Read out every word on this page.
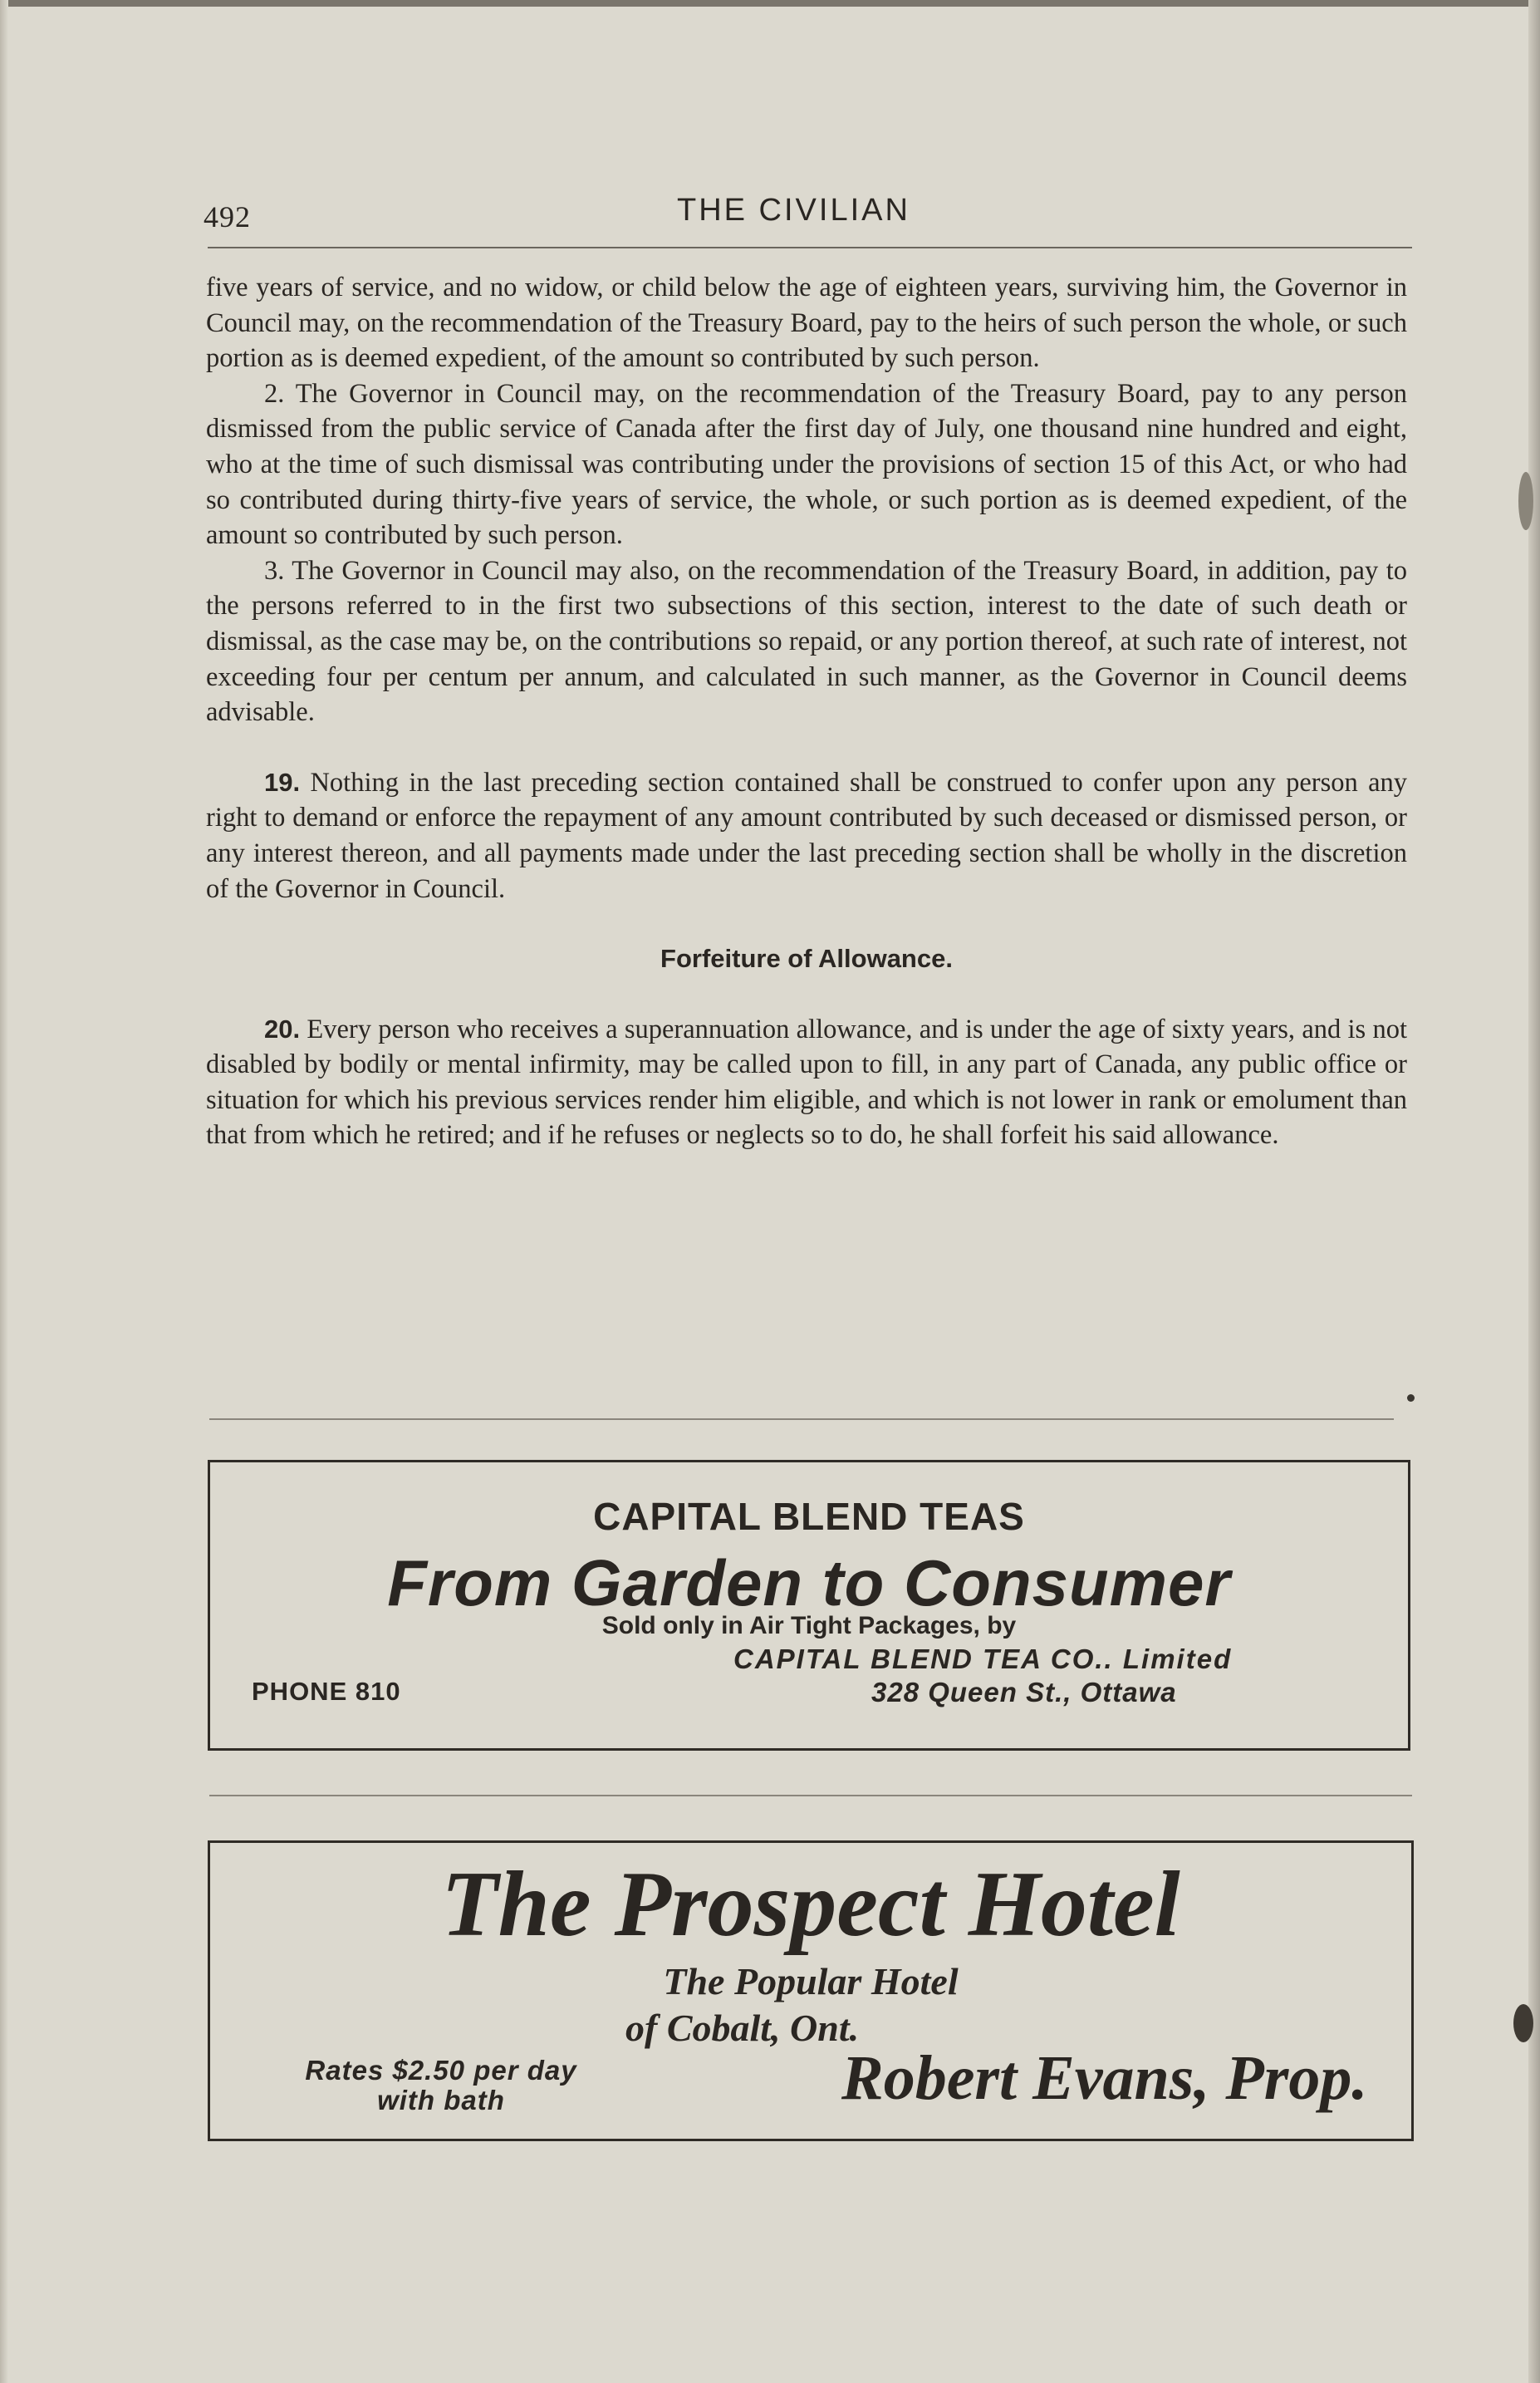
492	THE CIVILIAN

five years of service, and no widow, or child below the age of eighteen years, surviving him, the Governor in Council may, on the recommendation of the Treasury Board, pay to the heirs of such person the whole, or such portion as is deemed expedient, of the amount so contributed by such person.

2. The Governor in Council may, on the recommendation of the Treasury Board, pay to any person dismissed from the public service of Canada after the first day of July, one thousand nine hundred and eight, who at the time of such dismissal was contributing under the provisions of section 15 of this Act, or who had so contributed during thirty-five years of service, the whole, or such portion as is deemed expedient, of the amount so contributed by such person.

3. The Governor in Council may also, on the recommendation of the Treasury Board, in addition, pay to the persons referred to in the first two subsections of this section, interest to the date of such death or dismissal, as the case may be, on the contributions so repaid, or any portion thereof, at such rate of interest, not exceeding four per centum per annum, and calculated in such manner, as the Governor in Council deems advisable.

19. Nothing in the last preceding section contained shall be construed to confer upon any person any right to demand or enforce the repayment of any amount contributed by such deceased or dismissed person, or any interest thereon, and all payments made under the last preceding section shall be wholly in the discretion of the Governor in Council.

Forfeiture of Allowance.

20. Every person who receives a superannuation allowance, and is under the age of sixty years, and is not disabled by bodily or mental infirmity, may be called upon to fill, in any part of Canada, any public office or situation for which his previous services render him eligible, and which is not lower in rank or emolument than that from which he retired; and if he refuses or neglects so to do, he shall forfeit his said allowance.

CAPITAL BLEND TEAS
From Garden to Consumer
Sold only in Air Tight Packages, by
CAPITAL BLEND TEA CO.. Limited
PHONE 810	328 Queen St., Ottawa
The Prospect Hotel
The Popular Hotel
of Cobalt, Ont.
Rates $2.50 per day
with bath	Robert Evans, Prop.
